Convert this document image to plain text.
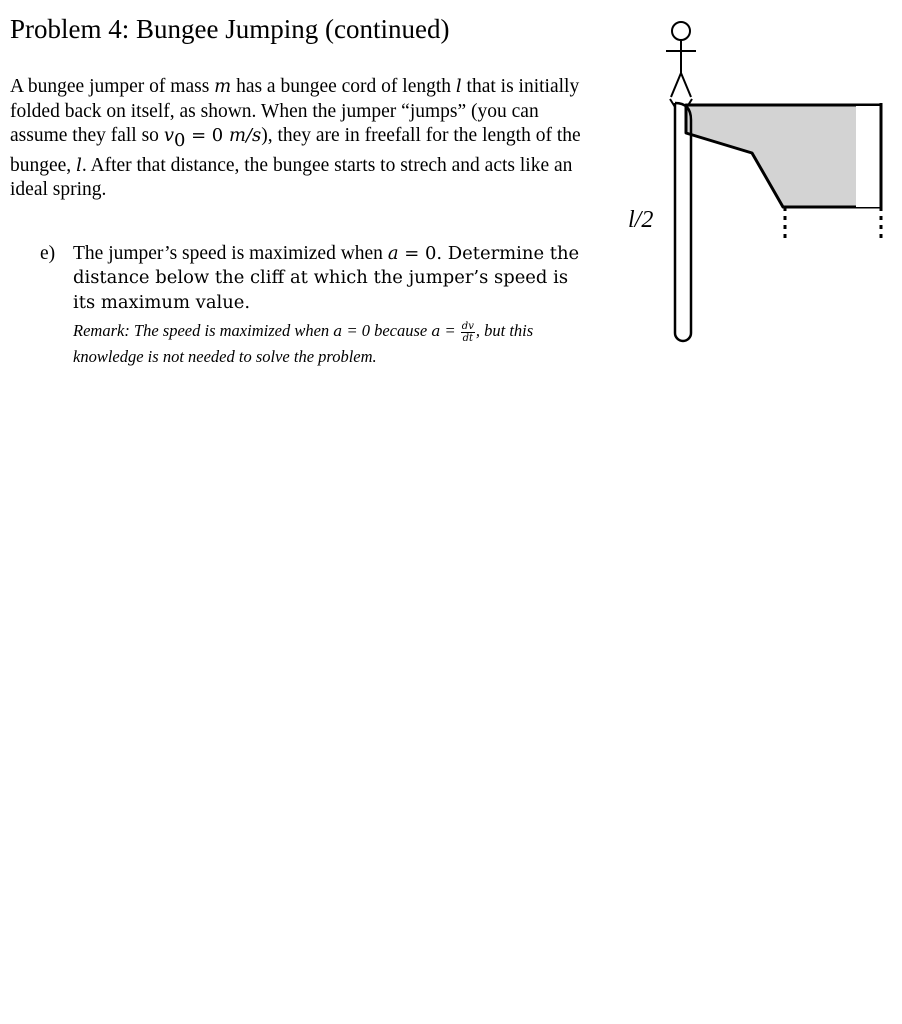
Problem 4: Bungee Jumping (continued)

A bungee jumper of mass m has a bungee cord of length l that is initially folded back on itself, as shown. When the jumper “jumps” (you can assume they fall so $v_0 = 0$ m/s), they are in freefall for the length of the bungee, l. After that distance, the bungee starts to strech and acts like an ideal spring.

e) The jumper’s speed is maximized when a = 0. Determine the distance below the cliff at which the jumper’s speed is its maximum value.
Remark: The speed is maximized when a = 0 because $a = \frac{dv}{dt}$ , but this knowledge is not needed to solve the problem.
l/2
